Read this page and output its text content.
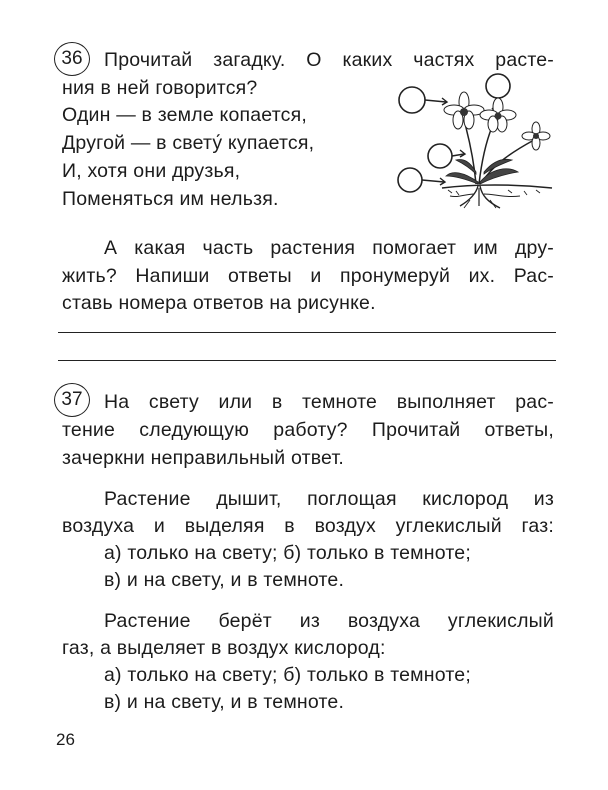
36	Прочитай загадку. О каких частях расте-
ния в ней говорится?
Один — в земле копается,
Другой — в свету́ купается,
И, хотя они друзья,
Поменяться им нельзя.
А какая часть растения помогает им дру-
жить? Напиши ответы и пронумеруй их. Рас-
ставь номера ответов на рисунке.
37	На свету или в темноте выполняет рас-
тение следующую работу? Прочитай ответы,
зачеркни неправильный ответ.
Растение дышит, поглощая кислород из
воздуха и выделяя в воздух углекислый газ:
а) только на свету; б) только в темноте;
в) и на свету, и в темноте.
Растение берёт из воздуха углекислый
газ, а выделяет в воздух кислород:
а) только на свету; б) только в темноте;
в) и на свету, и в темноте.
26
